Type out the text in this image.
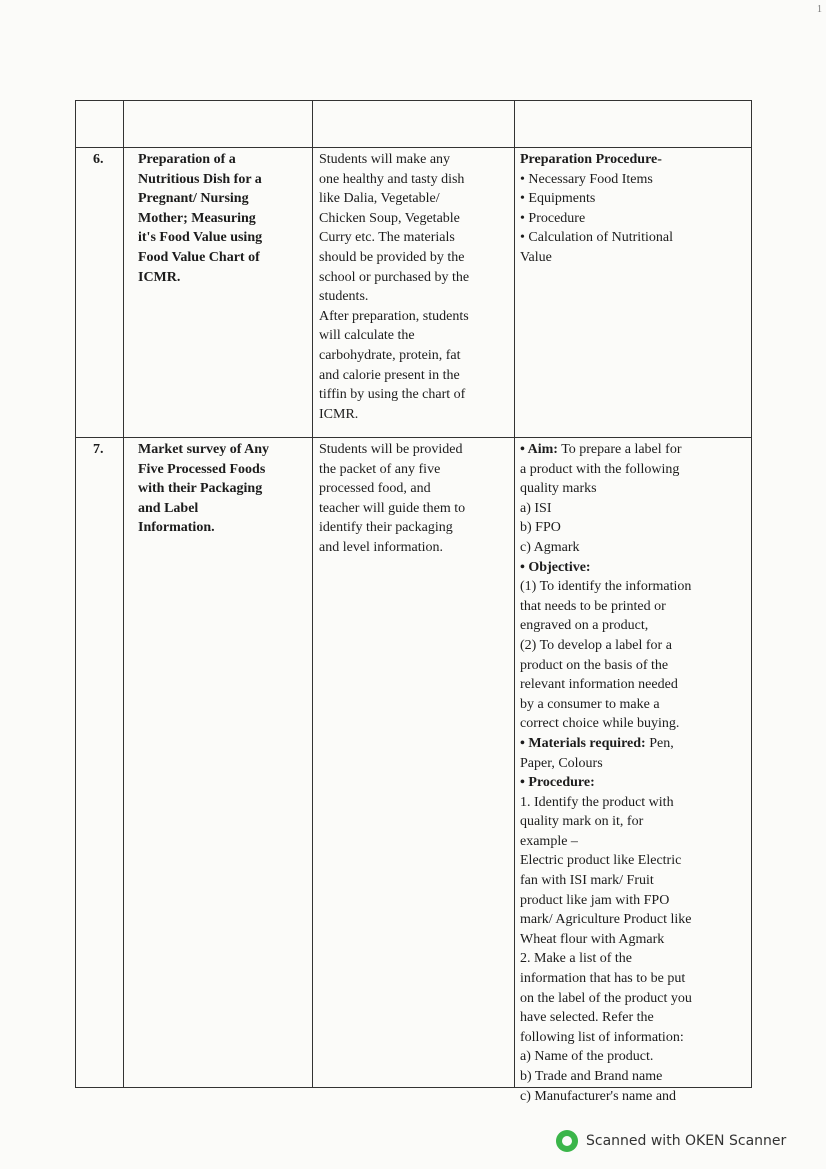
1
6. Preparation of a
Nutritious Dish for a
Pregnant/ Nursing
Mother; Measuring
it's Food Value using
Food Value Chart of
ICMR.
Students will make any
one healthy and tasty dish
like Dalia, Vegetable/
Chicken Soup, Vegetable
Curry etc. The materials
should be provided by the
school or purchased by the
students.
After preparation, students
will calculate the
carbohydrate, protein, fat
and calorie present in the
tiffin by using the chart of
ICMR.
Preparation Procedure-
• Necessary Food Items
• Equipments
• Procedure
• Calculation of Nutritional
Value
7. Market survey of Any
Five Processed Foods
with their Packaging
and Label
Information.
Students will be provided
the packet of any five
processed food, and
teacher will guide them to
identify their packaging
and level information.
• Aim: To prepare a label for
a product with the following
quality marks
a) ISI
b) FPO
c) Agmark
• Objective:
(1) To identify the information
that needs to be printed or
engraved on a product,
(2) To develop a label for a
product on the basis of the
relevant information needed
by a consumer to make a
correct choice while buying.
• Materials required: Pen,
Paper, Colours
• Procedure:
1. Identify the product with
quality mark on it, for
example –
Electric product like Electric
fan with ISI mark/ Fruit
product like jam with FPO
mark/ Agriculture Product like
Wheat flour with Agmark
2. Make a list of the
information that has to be put
on the label of the product you
have selected. Refer the
following list of information:
a) Name of the product.
b) Trade and Brand name
c) Manufacturer's name and
Scanned with OKEN Scanner
